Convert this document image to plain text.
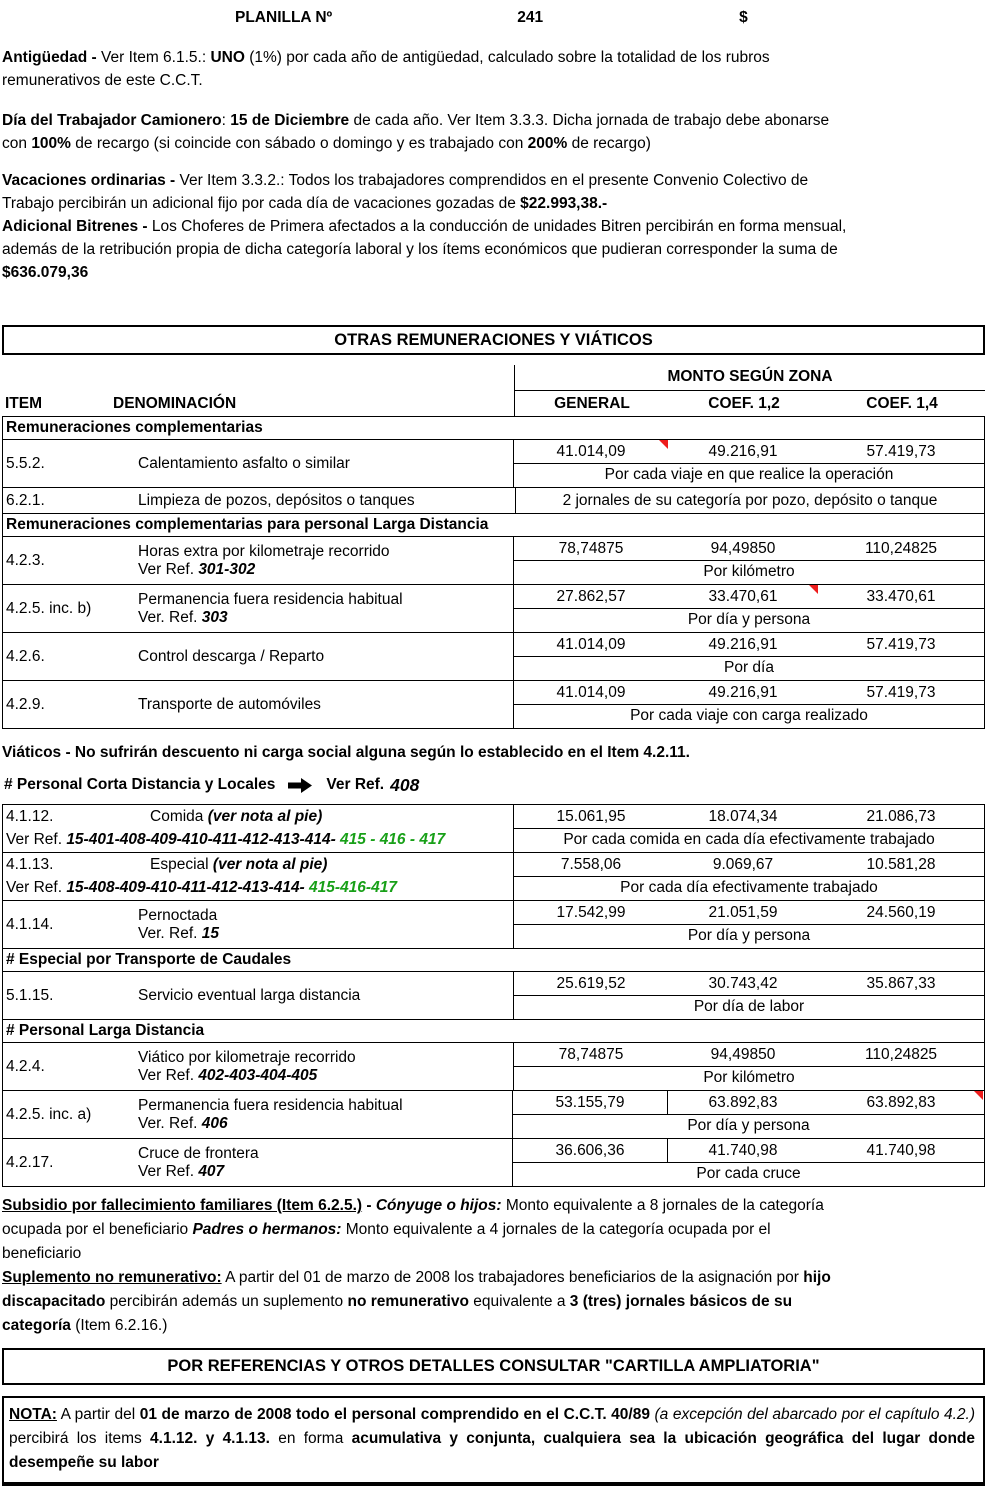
PLANILLA Nº	241	$
Antigüedad - Ver Item 6.1.5.: UNO (1%) por cada año de antigüedad, calculado sobre la totalidad de los rubros
remunerativos de este C.C.T.
Día del Trabajador Camionero: 15 de Diciembre de cada año. Ver Item 3.3.3. Dicha jornada de trabajo debe abonarse
con 100% de recargo (si coincide con sábado o domingo y es trabajado con 200% de recargo)
Vacaciones ordinarias - Ver Item 3.3.2.: Todos los trabajadores comprendidos en el presente Convenio Colectivo de
Trabajo percibirán un adicional fijo por cada día de vacaciones gozadas de $22.993,38.-
Adicional Bitrenes - Los Choferes de Primera afectados a la conducción de unidades Bitren percibirán en forma mensual,
además de la retribución propia de dicha categoría laboral y los ítems económicos que pudieran corresponder la suma de
$636.079,36
OTRAS REMUNERACIONES Y VIÁTICOS
MONTO SEGÚN ZONA
ITEM	DENOMINACIÓN	GENERAL	COEF. 1,2	COEF. 1,4
Remuneraciones complementarias
5.5.2.	Calentamiento asfalto o similar
41.014,09	49.216,91	57.419,73
Por cada viaje en que realice la operación
6.2.1.	Limpieza de pozos, depósitos o tanques	2 jornales de su categoría por pozo, depósito o tanque
Remuneraciones complementarias para personal Larga Distancia
4.2.3.
Horas extra por kilometraje recorrido
Ver Ref. 301-302
78,74875	94,49850	110,24825
Por kilómetro
4.2.5. inc. b)
Permanencia fuera residencia habitual
Ver. Ref. 303
27.862,57	33.470,61	33.470,61
Por día y persona
4.2.6.	Control descarga / Reparto
41.014,09	49.216,91	57.419,73
Por día
4.2.9.	Transporte de automóviles
41.014,09	49.216,91	57.419,73
Por cada viaje con carga realizado
Viáticos - No sufrirán descuento ni carga social alguna según lo establecido en el Item 4.2.11.
# Personal Corta Distancia y Locales	Ver Ref. 408
4.1.12.	Comida (ver nota al pie)
Ver Ref. 15-401-408-409-410-411-412-413-414- 415 - 416 - 417
15.061,95	18.074,34	21.086,73
Por cada comida en cada día efectivamente trabajado
4.1.13.	Especial (ver nota al pie)
Ver Ref. 15-408-409-410-411-412-413-414- 415-416-417
7.558,06	9.069,67	10.581,28
Por cada día efectivamente trabajado
4.1.14.
Pernoctada
Ver. Ref. 15
17.542,99	21.051,59	24.560,19
Por día y persona
# Especial por Transporte de Caudales
5.1.15.	Servicio eventual larga distancia
25.619,52	30.743,42	35.867,33
Por día de labor
# Personal Larga Distancia
4.2.4.
Viático por kilometraje recorrido
Ver Ref. 402-403-404-405
78,74875	94,49850	110,24825
Por kilómetro
4.2.5. inc. a)
Permanencia fuera residencia habitual
Ver. Ref. 406
53.155,79	63.892,83	63.892,83
Por día y persona
4.2.17.
Cruce de frontera
Ver Ref. 407
36.606,36	41.740,98	41.740,98
Por cada cruce
Subsidio por fallecimiento familiares (Item 6.2.5.) - Cónyuge o hijos: Monto equivalente a 8 jornales de la categoría
ocupada por el beneficiario Padres o hermanos: Monto equivalente a 4 jornales de la categoría ocupada por el
beneficiario
Suplemento no remunerativo: A partir del 01 de marzo de 2008 los trabajadores beneficiarios de la asignación por hijo
discapacitado percibirán además un suplemento no remunerativo equivalente a 3 (tres) jornales básicos de su
categoría (Item 6.2.16.)
POR REFERENCIAS Y OTROS DETALLES CONSULTAR "CARTILLA AMPLIATORIA"
NOTA: A partir del 01 de marzo de 2008 todo el personal comprendido en el C.C.T. 40/89 (a excepción del abarcado por el capítulo 4.2.) percibirá los items 4.1.12. y 4.1.13. en forma acumulativa y conjunta, cualquiera sea la ubicación geográfica del lugar donde desempeñe su labor
